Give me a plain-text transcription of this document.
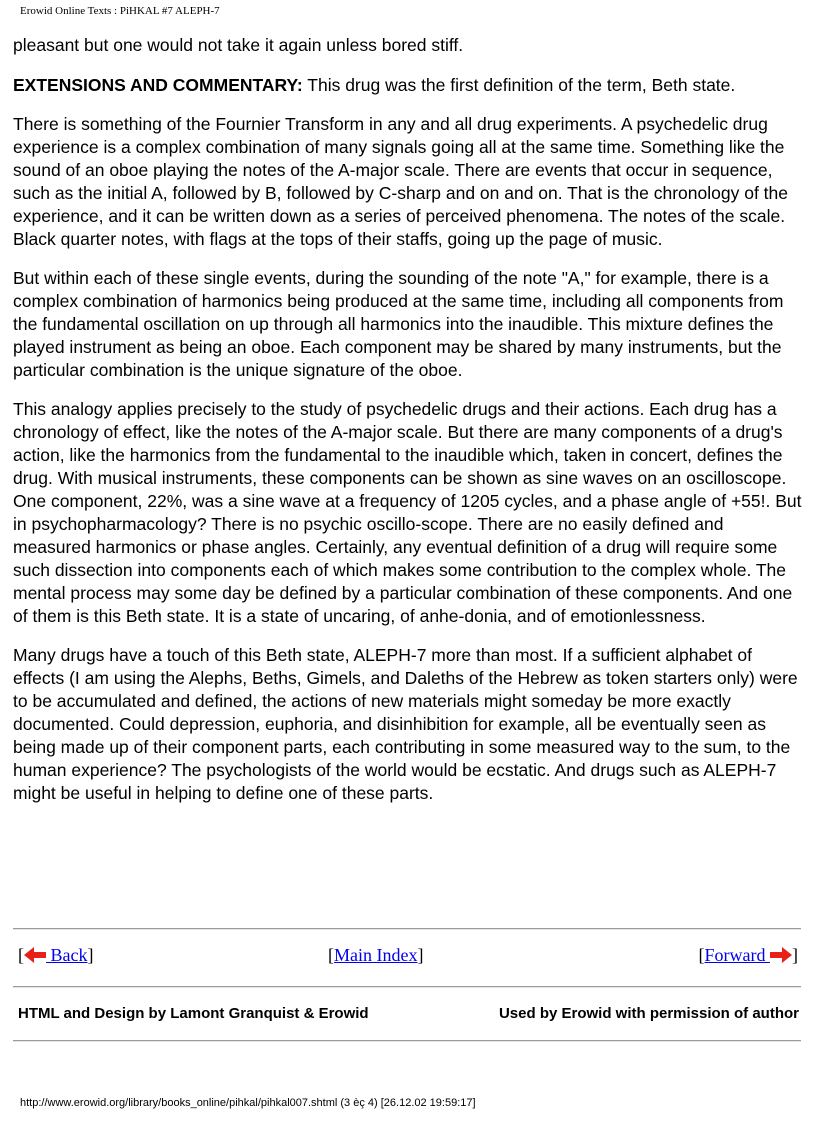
Erowid Online Texts : PiHKAL #7 ALEPH-7

pleasant but one would not take it again unless bored stiff.

EXTENSIONS AND COMMENTARY: This drug was the first definition of the term, Beth state.

There is something of the Fournier Transform in any and all drug experiments. A psychedelic drug experience is a complex combination of many signals going all at the same time. Something like the sound of an oboe playing the notes of the A-major scale. There are events that occur in sequence, such as the initial A, followed by B, followed by C-sharp and on and on. That is the chronology of the experience, and it can be written down as a series of perceived phenomena. The notes of the scale. Black quarter notes, with flags at the tops of their staffs, going up the page of music.

But within each of these single events, during the sounding of the note "A," for example, there is a complex combination of harmonics being produced at the same time, including all components from the fundamental oscillation on up through all harmonics into the inaudible. This mixture defines the played instrument as being an oboe. Each component may be shared by many instruments, but the particular combination is the unique signature of the oboe.

This analogy applies precisely to the study of psychedelic drugs and their actions. Each drug has a chronology of effect, like the notes of the A-major scale. But there are many components of a drug's action, like the harmonics from the fundamental to the inaudible which, taken in concert, defines the drug. With musical instruments, these components can be shown as sine waves on an oscilloscope. One component, 22%, was a sine wave at a frequency of 1205 cycles, and a phase angle of +55!. But in psychopharmacology? There is no psychic oscillo-scope. There are no easily defined and measured harmonics or phase angles. Certainly, any eventual definition of a drug will require some such dissection into components each of which makes some contribution to the complex whole. The mental process may some day be defined by a particular combination of these components. And one of them is this Beth state. It is a state of uncaring, of anhe-donia, and of emotionlessness.

Many drugs have a touch of this Beth state, ALEPH-7 more than most. If a sufficient alphabet of effects (I am using the Alephs, Beths, Gimels, and Daleths of the Hebrew as token starters only) were to be accumulated and defined, the actions of new materials might someday be more exactly documented. Could depression, euphoria, and disinhibition for example, all be eventually seen as being made up of their component parts, each contributing in some measured way to the sum, to the human experience? The psychologists of the world would be ecstatic. And drugs such as ALEPH-7 might be useful in helping to define one of these parts.

[ Back]	[Main Index]	[Forward ]
HTML and Design by Lamont Granquist & Erowid	Used by Erowid with permission of author
http://www.erowid.org/library/books_online/pihkal/pihkal007.shtml (3 èç 4) [26.12.02 19:59:17]
